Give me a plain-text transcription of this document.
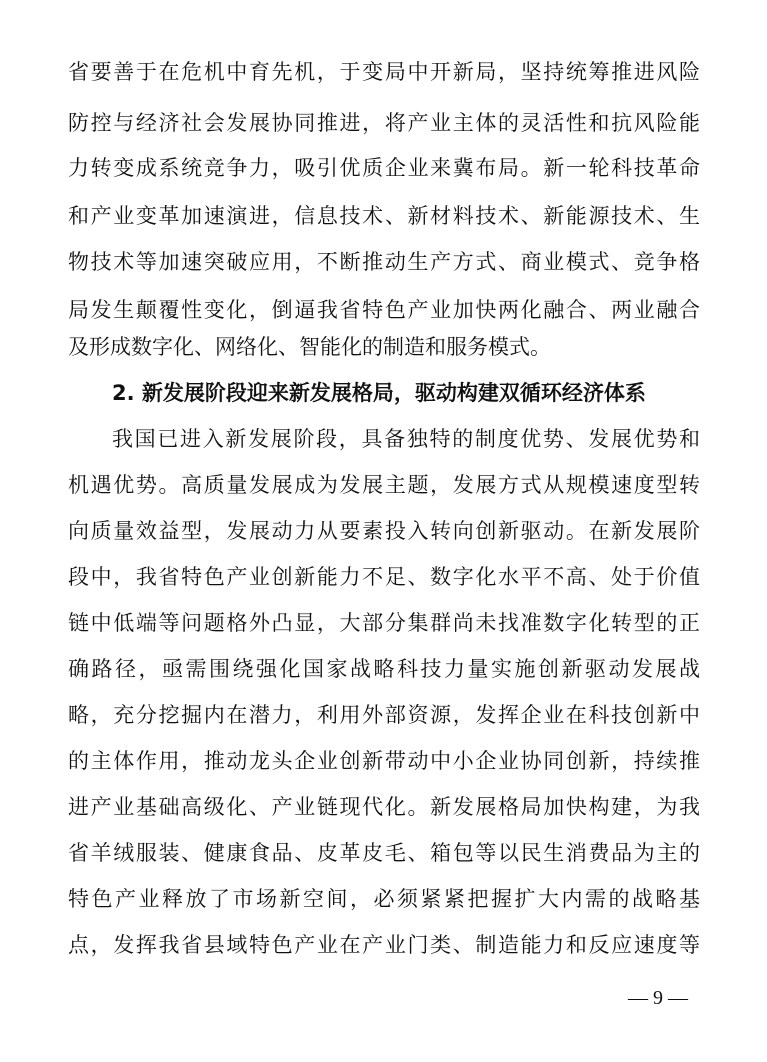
省要善于在危机中育先机，于变局中开新局，坚持统筹推进风险
防控与经济社会发展协同推进，将产业主体的灵活性和抗风险能
力转变成系统竞争力，吸引优质企业来冀布局。新一轮科技革命
和产业变革加速演进，信息技术、新材料技术、新能源技术、生
物技术等加速突破应用，不断推动生产方式、商业模式、竞争格
局发生颠覆性变化，倒逼我省特色产业加快两化融合、两业融合
及形成数字化、网络化、智能化的制造和服务模式。
2. 新发展阶段迎来新发展格局，驱动构建双循环经济体系
我国已进入新发展阶段，具备独特的制度优势、发展优势和
机遇优势。高质量发展成为发展主题，发展方式从规模速度型转
向质量效益型，发展动力从要素投入转向创新驱动。在新发展阶
段中，我省特色产业创新能力不足、数字化水平不高、处于价值
链中低端等问题格外凸显，大部分集群尚未找准数字化转型的正
确路径，亟需围绕强化国家战略科技力量实施创新驱动发展战
略，充分挖掘内在潜力，利用外部资源，发挥企业在科技创新中
的主体作用，推动龙头企业创新带动中小企业协同创新，持续推
进产业基础高级化、产业链现代化。新发展格局加快构建，为我
省羊绒服装、健康食品、皮革皮毛、箱包等以民生消费品为主的
特色产业释放了市场新空间，必须紧紧把握扩大内需的战略基
点，发挥我省县域特色产业在产业门类、制造能力和反应速度等
— 9 —
